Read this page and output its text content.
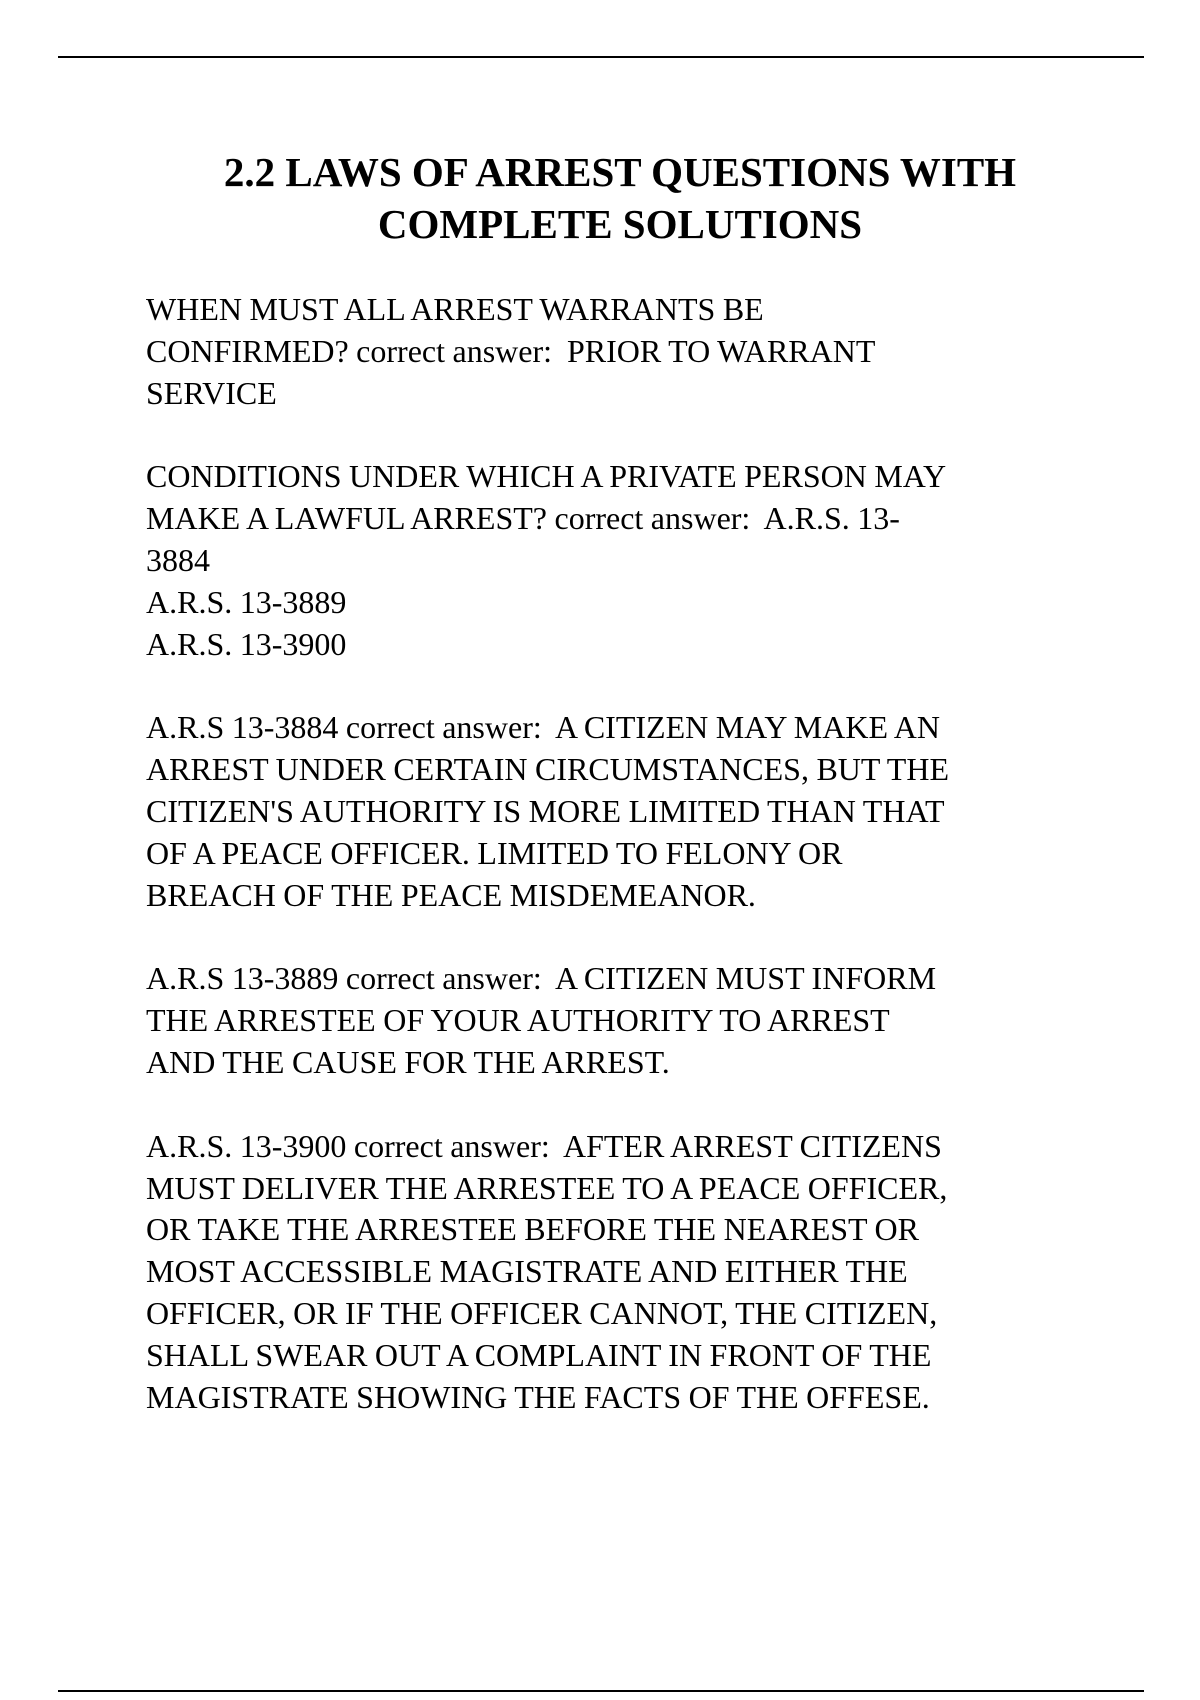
2.2 LAWS OF ARREST QUESTIONS WITH
COMPLETE SOLUTIONS

WHEN MUST ALL ARREST WARRANTS BE
CONFIRMED? correct answer: PRIOR TO WARRANT
SERVICE

CONDITIONS UNDER WHICH A PRIVATE PERSON MAY
MAKE A LAWFUL ARREST? correct answer: A.R.S. 13-
3884
A.R.S. 13-3889
A.R.S. 13-3900

A.R.S 13-3884 correct answer: A CITIZEN MAY MAKE AN
ARREST UNDER CERTAIN CIRCUMSTANCES, BUT THE
CITIZEN'S AUTHORITY IS MORE LIMITED THAN THAT
OF A PEACE OFFICER. LIMITED TO FELONY OR
BREACH OF THE PEACE MISDEMEANOR.

A.R.S 13-3889 correct answer: A CITIZEN MUST INFORM
THE ARRESTEE OF YOUR AUTHORITY TO ARREST
AND THE CAUSE FOR THE ARREST.

A.R.S. 13-3900 correct answer: AFTER ARREST CITIZENS
MUST DELIVER THE ARRESTEE TO A PEACE OFFICER,
OR TAKE THE ARRESTEE BEFORE THE NEAREST OR
MOST ACCESSIBLE MAGISTRATE AND EITHER THE
OFFICER, OR IF THE OFFICER CANNOT, THE CITIZEN,
SHALL SWEAR OUT A COMPLAINT IN FRONT OF THE
MAGISTRATE SHOWING THE FACTS OF THE OFFESE.
